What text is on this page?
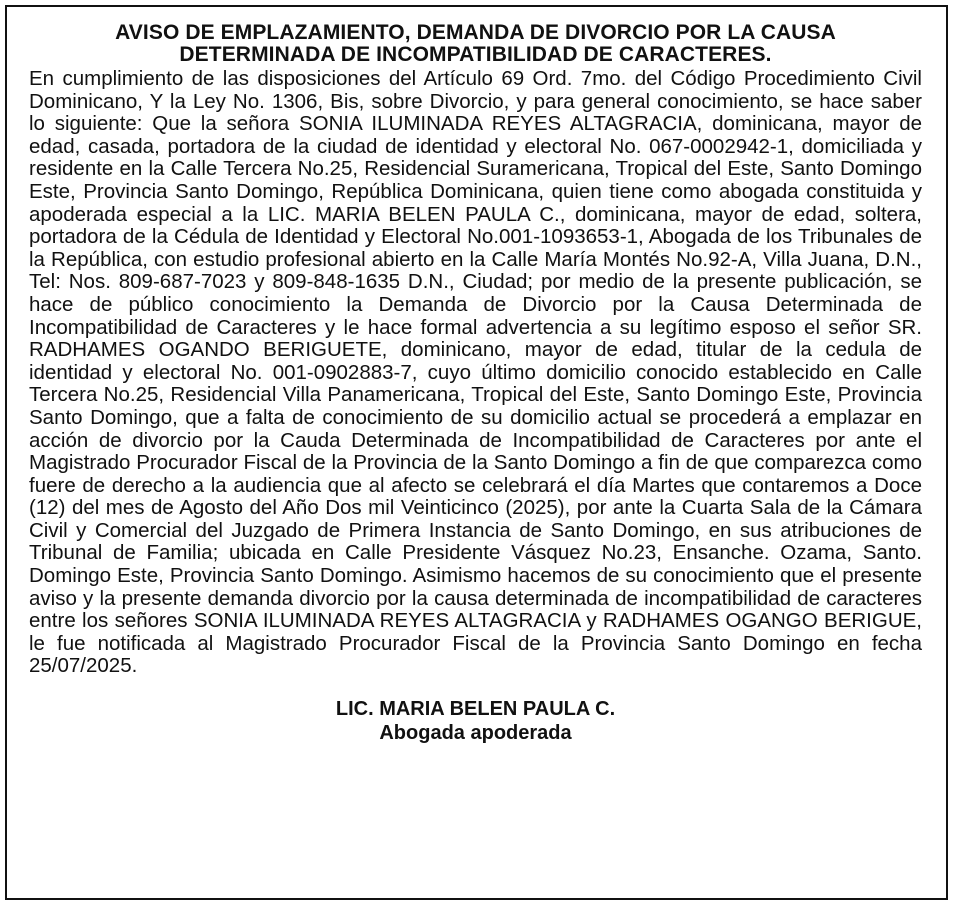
AVISO DE EMPLAZAMIENTO, DEMANDA DE DIVORCIO POR LA CAUSA
DETERMINADA DE INCOMPATIBILIDAD DE CARACTERES.

En cumplimiento de las disposiciones del Artículo 69 Ord. 7mo. del Código Procedimiento Civil Dominicano, Y la Ley No. 1306, Bis, sobre Divorcio, y para general conocimiento, se hace saber lo siguiente: Que la señora SONIA ILUMINADA REYES ALTAGRACIA, dominicana, mayor de edad, casada, portadora de la ciudad de identidad y electoral No. 067-0002942-1, domiciliada y residente en la Calle Tercera No.25, Residencial Suramericana, Tropical del Este, Santo Domingo Este, Provincia Santo Domingo, República Dominicana, quien tiene como abogada constituida y apoderada especial a la LIC. MARIA BELEN PAULA C., dominicana, mayor de edad, soltera, portadora de la Cédula de Identidad y Electoral No.001-1093653-1, Abogada de los Tribunales de la República, con estudio profesional abierto en la Calle María Montés No.92-A, Villa Juana, D.N., Tel: Nos. 809-687-7023 y 809-848-1635 D.N., Ciudad; por medio de la presente publicación, se hace de público conocimiento la Demanda de Divorcio por la Causa Determinada de Incompatibilidad de Caracteres y le hace formal advertencia a su legítimo esposo el señor SR. RADHAMES OGANDO BERIGUETE, dominicano, mayor de edad, titular de la cedula de identidad y electoral No. 001-0902883-7, cuyo último domicilio conocido establecido en Calle Tercera No.25, Residencial Villa Panamericana, Tropical del Este, Santo Domingo Este, Provincia Santo Domingo, que a falta de conocimiento de su domicilio actual se procederá a emplazar en acción de divorcio por la Cauda Determinada de Incompatibilidad de Caracteres por ante el Magistrado Procurador Fiscal de la Provincia de la Santo Domingo a fin de que comparezca como fuere de derecho a la audiencia que al afecto se celebrará el día Martes que contaremos a Doce (12) del mes de Agosto del Año Dos mil Veinticinco (2025), por ante la Cuarta Sala de la Cámara Civil y Comercial del Juzgado de Primera Instancia de Santo Domingo, en sus atribuciones de Tribunal de Familia; ubicada en Calle Presidente Vásquez No.23, Ensanche. Ozama, Santo. Domingo Este, Provincia Santo Domingo. Asimismo hacemos de su conocimiento que el presente aviso y la presente demanda divorcio por la causa determinada de incompatibilidad de caracteres entre los señores SONIA ILUMINADA REYES ALTAGRACIA y RADHAMES OGANGO BERIGUE, le fue notificada al Magistrado Procurador Fiscal de la Provincia Santo Domingo en fecha 25/07/2025.

LIC. MARIA BELEN PAULA C.
Abogada apoderada
